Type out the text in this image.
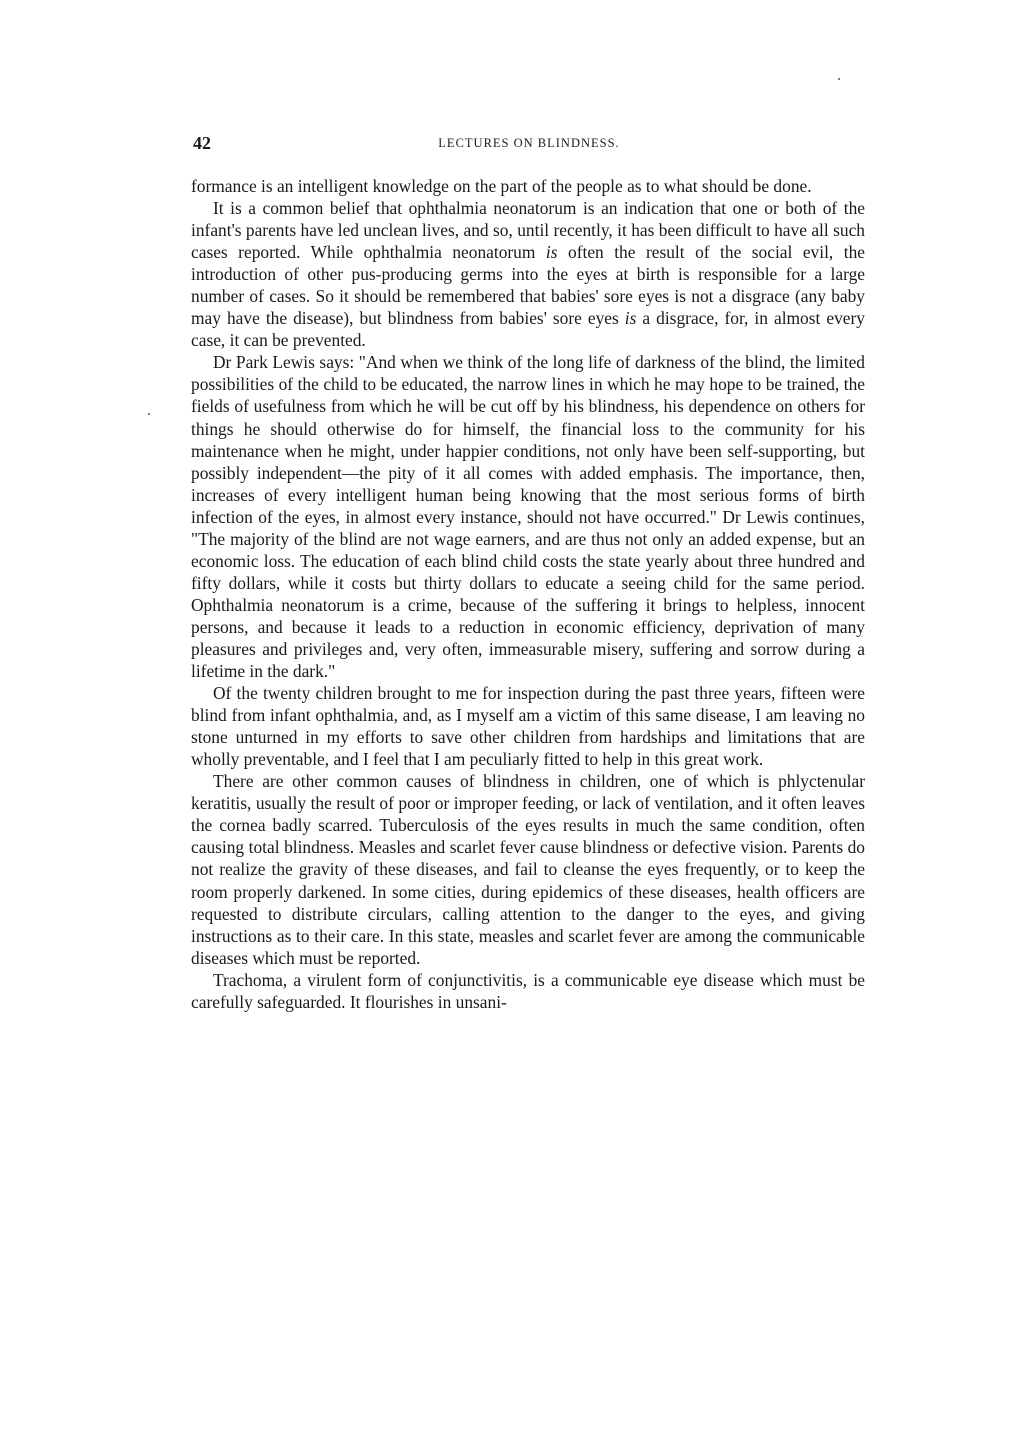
42	LECTURES ON BLINDNESS.

formance is an intelligent knowledge on the part of the people as to what should be done.

It is a common belief that ophthalmia neonatorum is an indication that one or both of the infant's parents have led unclean lives, and so, until recently, it has been difficult to have all such cases reported. While ophthalmia neonatorum is often the result of the social evil, the introduction of other pus-producing germs into the eyes at birth is responsible for a large number of cases. So it should be remembered that babies' sore eyes is not a disgrace (any baby may have the disease), but blindness from babies' sore eyes is a disgrace, for, in almost every case, it can be prevented.

Dr Park Lewis says: "And when we think of the long life of darkness of the blind, the limited possibilities of the child to be educated, the narrow lines in which he may hope to be trained, the fields of usefulness from which he will be cut off by his blindness, his dependence on others for things he should otherwise do for himself, the financial loss to the community for his maintenance when he might, under happier conditions, not only have been self-supporting, but possibly independent—the pity of it all comes with added emphasis. The importance, then, increases of every intelligent human being knowing that the most serious forms of birth infection of the eyes, in almost every instance, should not have occurred." Dr Lewis continues, "The majority of the blind are not wage earners, and are thus not only an added expense, but an economic loss. The education of each blind child costs the state yearly about three hundred and fifty dollars, while it costs but thirty dollars to educate a seeing child for the same period. Ophthalmia neonatorum is a crime, because of the suffering it brings to helpless, innocent persons, and because it leads to a reduction in economic efficiency, deprivation of many pleasures and privileges and, very often, immeasurable misery, suffering and sorrow during a lifetime in the dark."

Of the twenty children brought to me for inspection during the past three years, fifteen were blind from infant ophthalmia, and, as I myself am a victim of this same disease, I am leaving no stone unturned in my efforts to save other children from hardships and limitations that are wholly preventable, and I feel that I am peculiarly fitted to help in this great work.

There are other common causes of blindness in children, one of which is phlyctenular keratitis, usually the result of poor or improper feeding, or lack of ventilation, and it often leaves the cornea badly scarred. Tuberculosis of the eyes results in much the same condition, often causing total blindness. Measles and scarlet fever cause blindness or defective vision. Parents do not realize the gravity of these diseases, and fail to cleanse the eyes frequently, or to keep the room properly darkened. In some cities, during epidemics of these diseases, health officers are requested to distribute circulars, calling attention to the danger to the eyes, and giving instructions as to their care. In this state, measles and scarlet fever are among the communicable diseases which must be reported.

Trachoma, a virulent form of conjunctivitis, is a communicable eye disease which must be carefully safeguarded. It flourishes in unsani-
